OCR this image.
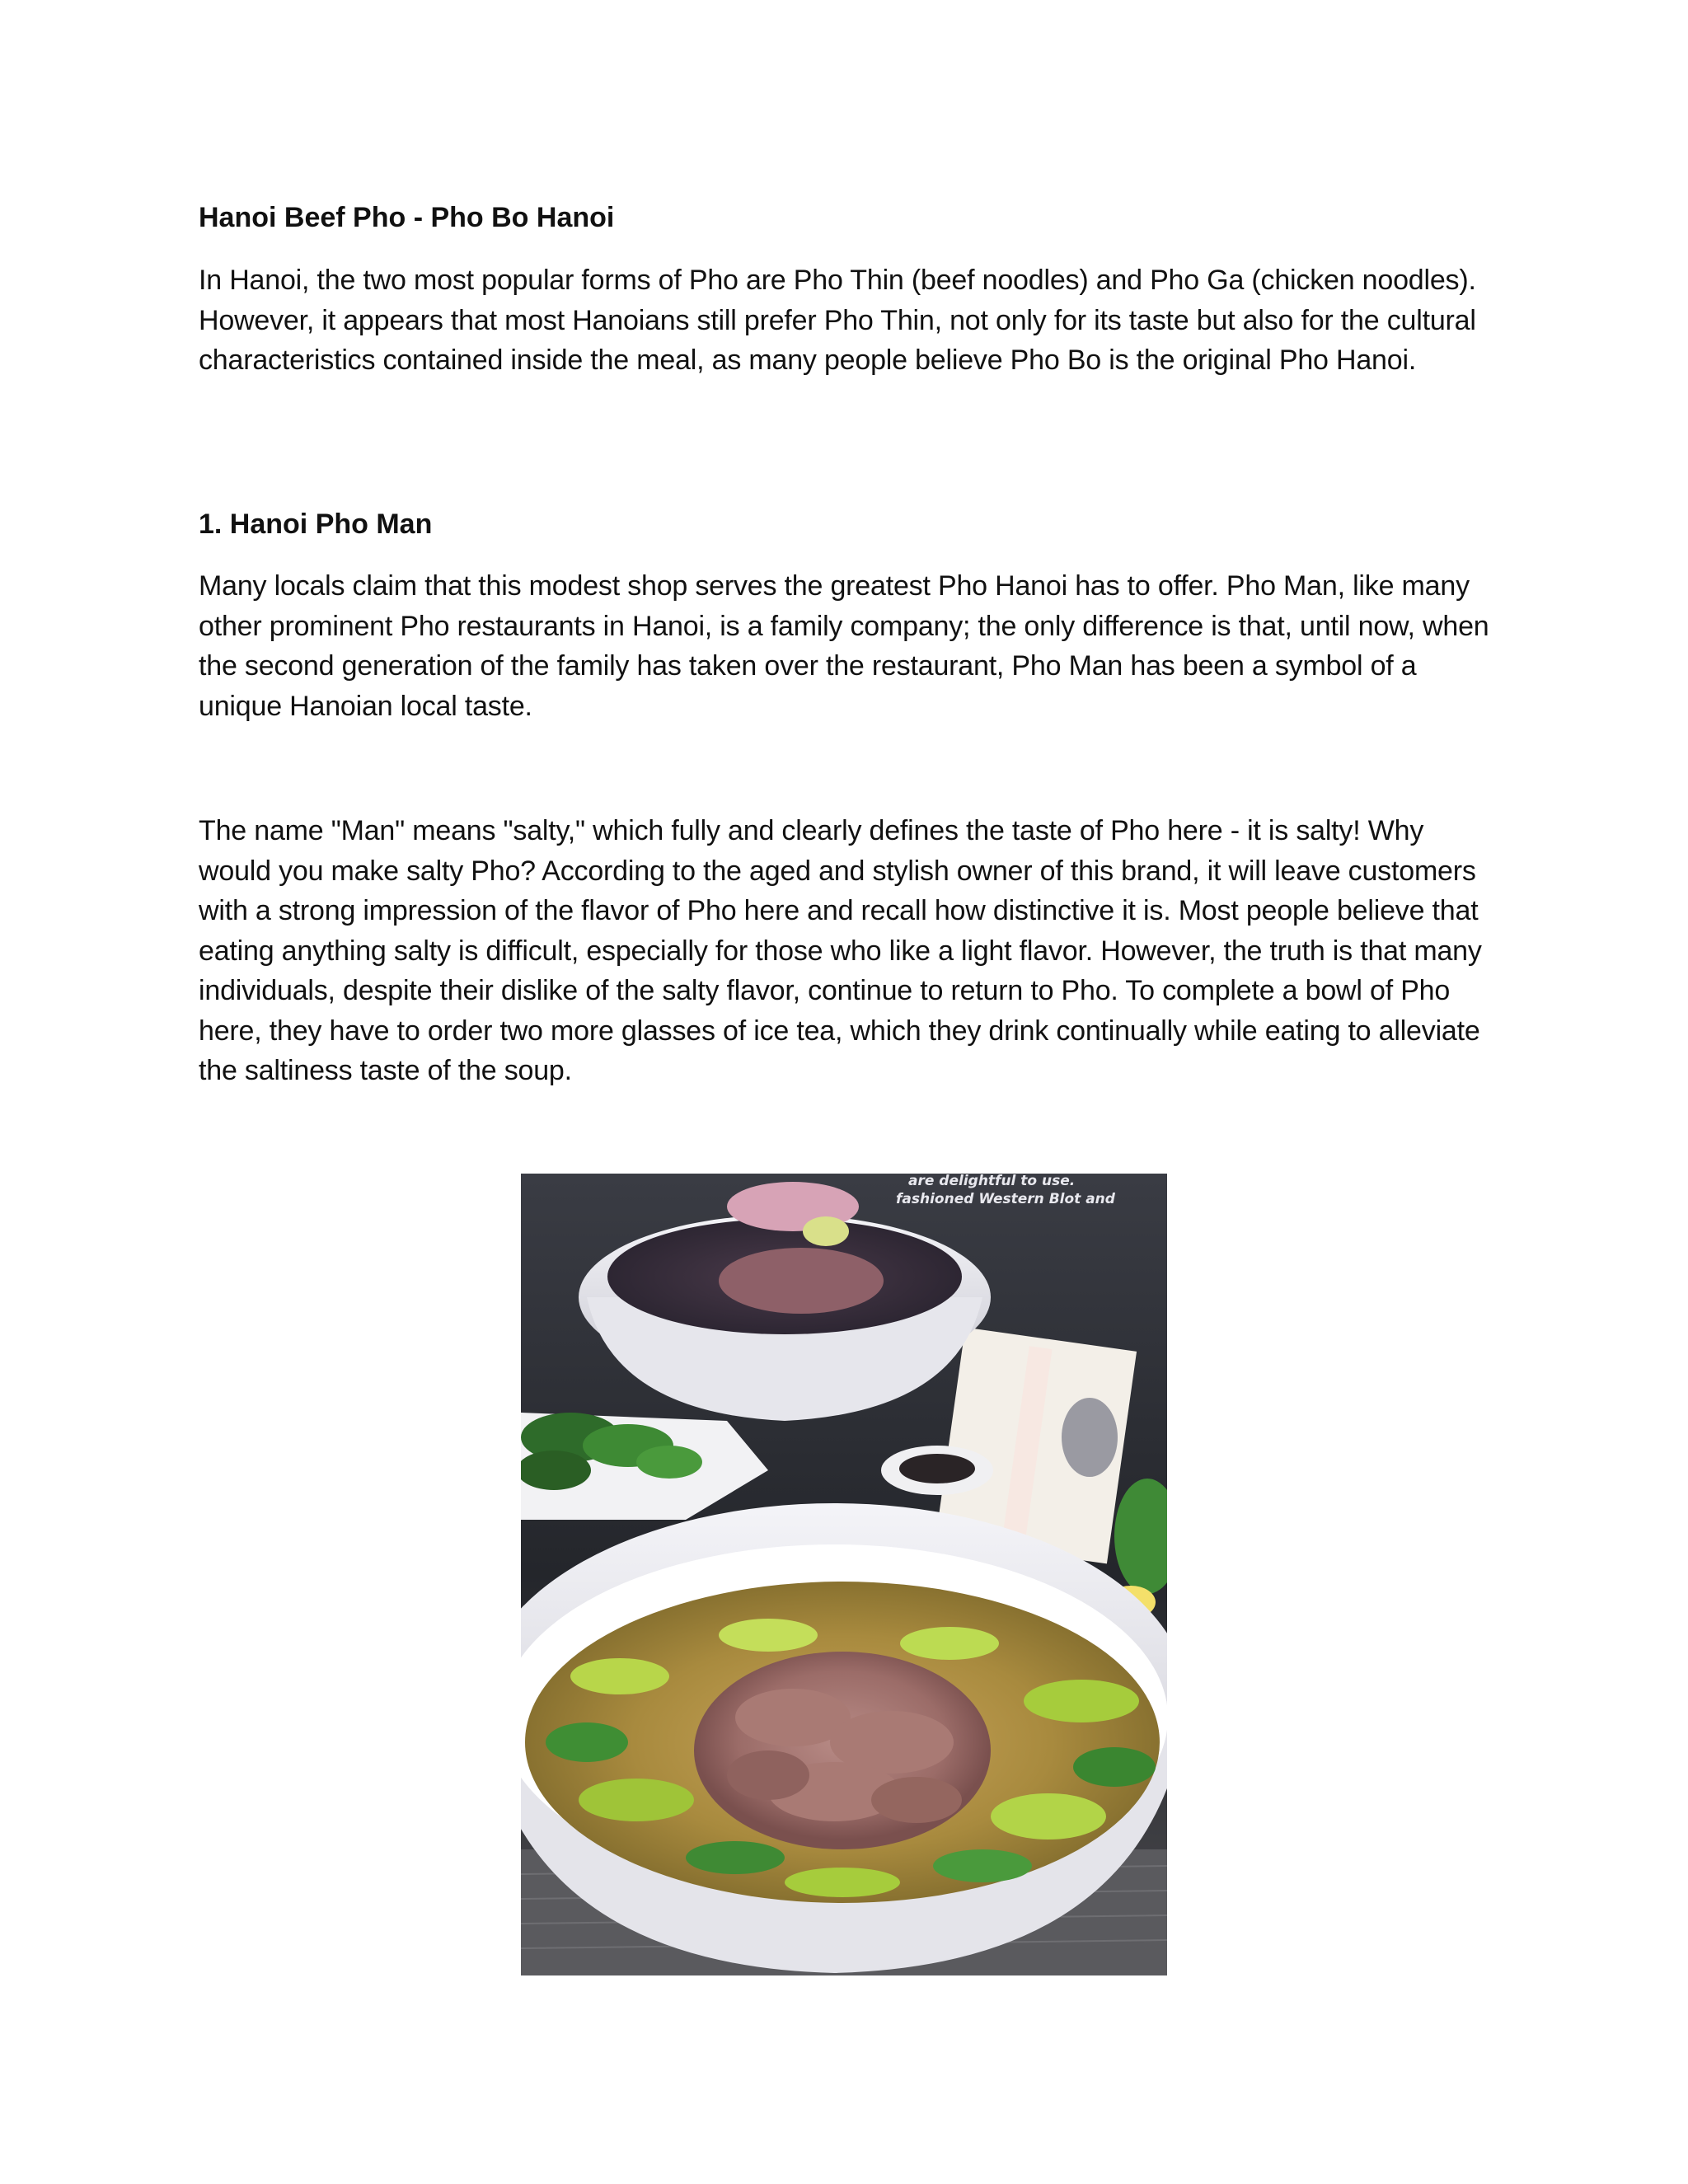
Hanoi Beef Pho - Pho Bo Hanoi
In Hanoi, the two most popular forms of Pho are Pho Thin (beef noodles) and Pho Ga (chicken noodles). However, it appears that most Hanoians still prefer Pho Thin, not only for its taste but also for the cultural characteristics contained inside the meal, as many people believe Pho Bo is the original Pho Hanoi.
1. Hanoi Pho Man
Many locals claim that this modest shop serves the greatest Pho Hanoi has to offer. Pho Man, like many other prominent Pho restaurants in Hanoi, is a family company; the only difference is that, until now, when the second generation of the family has taken over the restaurant, Pho Man has been a symbol of a unique Hanoian local taste.
The name "Man" means "salty," which fully and clearly defines the taste of Pho here - it is salty! Why would you make salty Pho? According to the aged and stylish owner of this brand, it will leave customers with a strong impression of the flavor of Pho here and recall how distinctive it is. Most people believe that eating anything salty is difficult, especially for those who like a light flavor. However, the truth is that many individuals, despite their dislike of the salty flavor, continue to return to Pho. To complete a bowl of Pho here, they have to order two more glasses of ice tea, which they drink continually while eating to alleviate the saltiness taste of the soup.
are delightful to use.
fashioned Western Blot and
